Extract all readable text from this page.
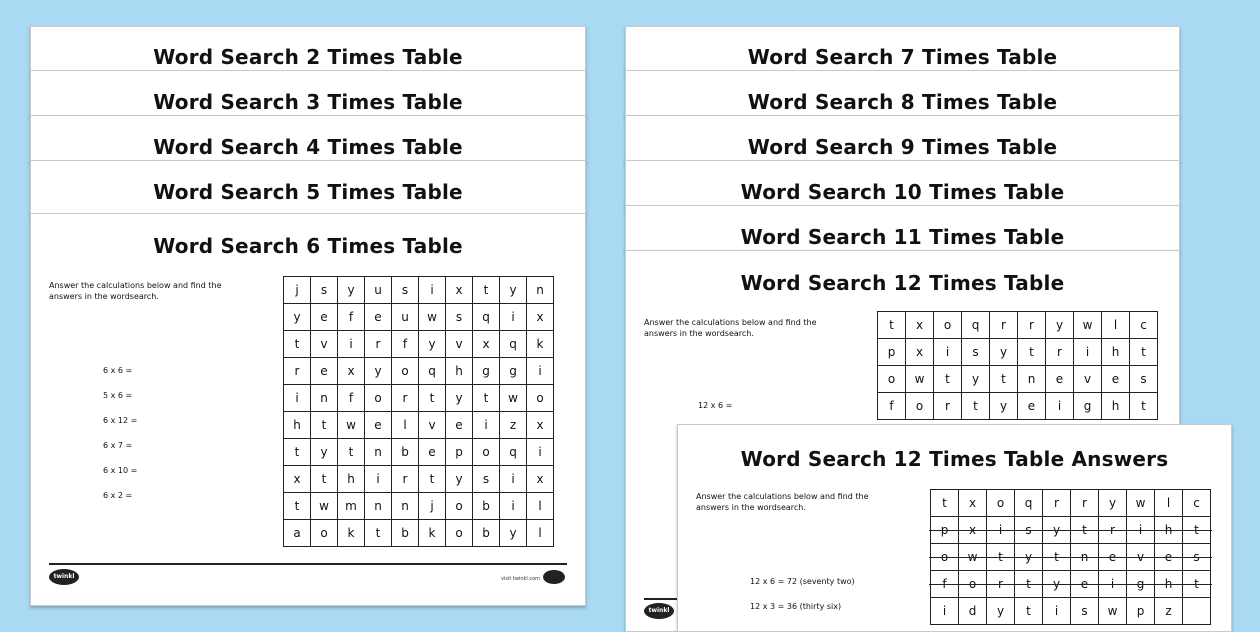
Word Search 2 Times Table
Word Search 3 Times Table
Word Search 4 Times Table
Word Search 5 Times Table
Word Search 6 Times Table
Answer the calculations below and find the answers in the wordsearch.
6 x 6 =
5 x 6 =
6 x 12 =
6 x 7 =
6 x 10 =
6 x 2 =
j	s	y	u	s	i	x	t	y	n
y	e	f	e	u	w	s	q	i	x
t	v	i	r	f	y	v	x	q	k
r	e	x	y	o	q	h	g	g	i
i	n	f	o	r	t	y	t	w	o
h	t	w	e	l	v	e	i	z	x
t	y	t	n	b	e	p	o	q	i
x	t	h	i	r	t	y	s	i	x
t	w	m	n	n	j	o	b	i	l
a	o	k	t	b	k	o	b	y	l
twinkl	visit twinkl.com
Word Search 7 Times Table
Word Search 8 Times Table
Word Search 9 Times Table
Word Search 10 Times Table
Word Search 11 Times Table
Word Search 12 Times Table
Answer the calculations below and find the answers in the wordsearch.
12 x 6 =
t	x	o	q	r	r	y	w	l	c
p	x	i	s	y	t	r	i	h	t
o	w	t	y	t	n	e	v	e	s
f	o	r	t	y	e	i	g	h	t
twinkl
Word Search 12 Times Table Answers
Answer the calculations below and find the answers in the wordsearch.
12 x 6 = 72 (seventy two)
12 x 3 = 36 (thirty six)
t	x	o	q	r	r	y	w	l	c
p	x	i	s	y	t	r	i	h	t
o	w	t	y	t	n	e	v	e	s
f	o	r	t	y	e	i	g	h	t
i	d	y	t	i	s	w	p	z	
